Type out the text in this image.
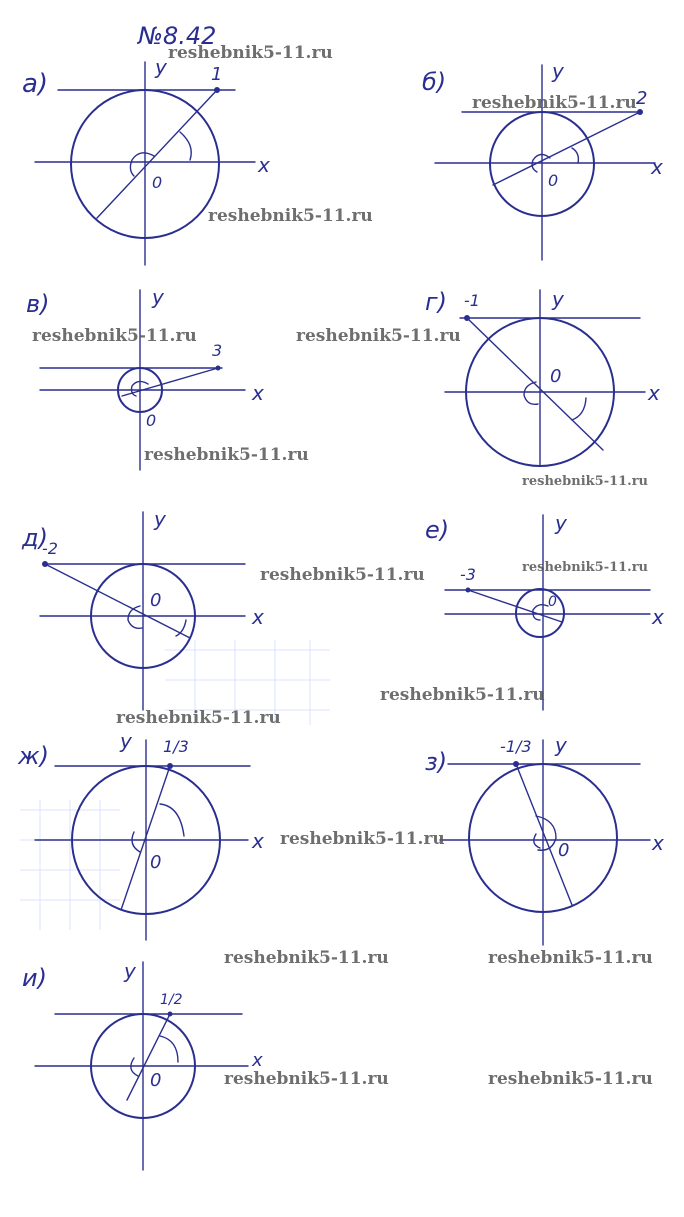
№8.42
а)
x
y 1
0
б)
x
y
2
0
в)
x
y
3
0
г)
x
y
-1
0
д)
x
y
-2
0
е)
x
y
-3
0
ж)
x
y 1/3
0
з)
x
y
-1/3
0
и)
x
y
1/2
0
reshebnik5-11.ru
reshebnik5-11.ru
reshebnik5-11.ru
reshebnik5-11.ru	reshebnik5-11.ru
reshebnik5-11.ru
reshebnik5-11.ru
reshebnik5-11.ru	reshebnik5-11.ru
reshebnik5-11.ru
reshebnik5-11.ru
reshebnik5-11.ru
reshebnik5-11.ru	reshebnik5-11.ru
reshebnik5-11.ru	reshebnik5-11.ru
